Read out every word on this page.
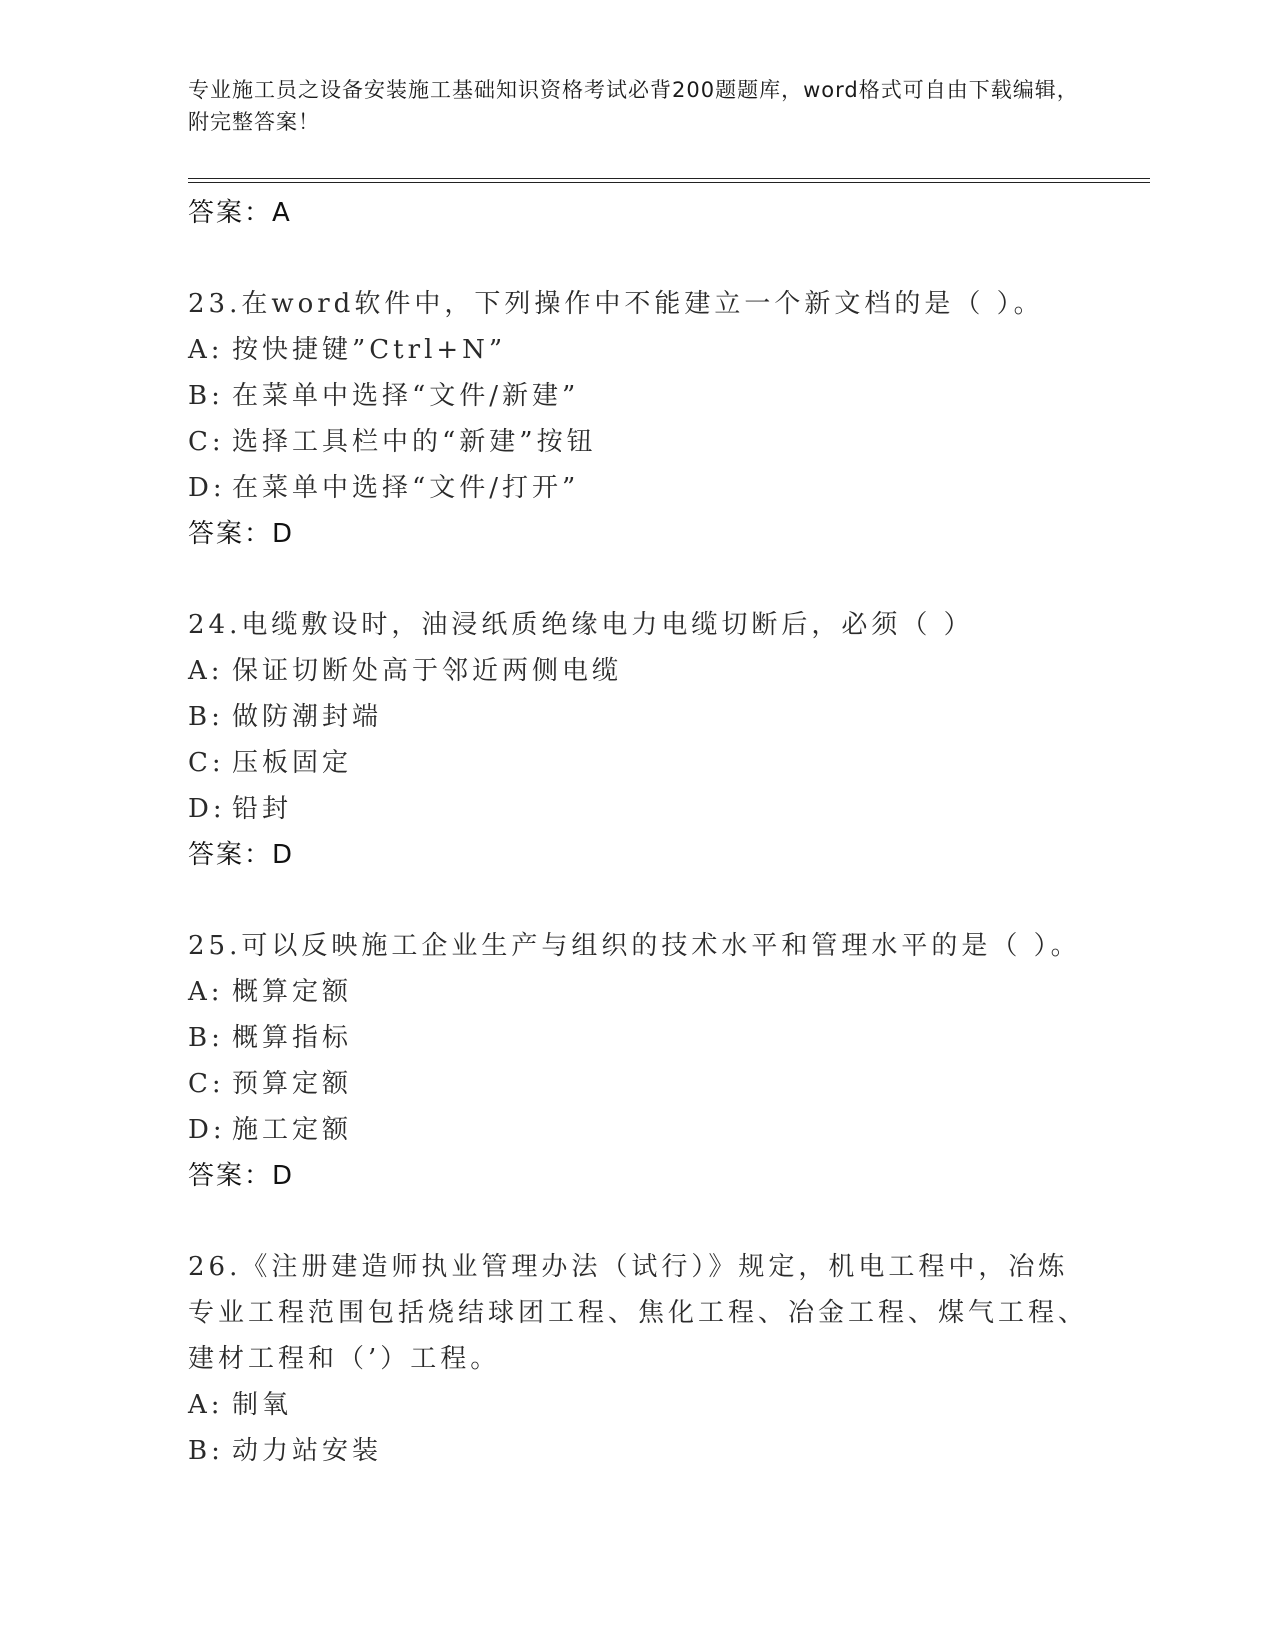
专业施工员之设备安装施工基础知识资格考试必背200题题库，word格式可自由下载编辑，附完整答案！
答案：A
23.在word软件中，下列操作中不能建立一个新文档的是（ ）。
A: 按快捷键”Ctrl+N”
B: 在菜单中选择“文件/新建”
C: 选择工具栏中的“新建”按钮
D: 在菜单中选择“文件/打开”
答案：D
24.电缆敷设时，油浸纸质绝缘电力电缆切断后，必须（ ）
A: 保证切断处高于邻近两侧电缆
B: 做防潮封端
C: 压板固定
D: 铅封
答案：D
25.可以反映施工企业生产与组织的技术水平和管理水平的是（ ）。
A: 概算定额
B: 概算指标
C: 预算定额
D: 施工定额
答案：D
26.《注册建造师执业管理办法（试行）》规定，机电工程中，冶炼专业工程范围包括烧结球团工程、焦化工程、冶金工程、煤气工程、建材工程和（’）工程。
A: 制氧
B: 动力站安装
